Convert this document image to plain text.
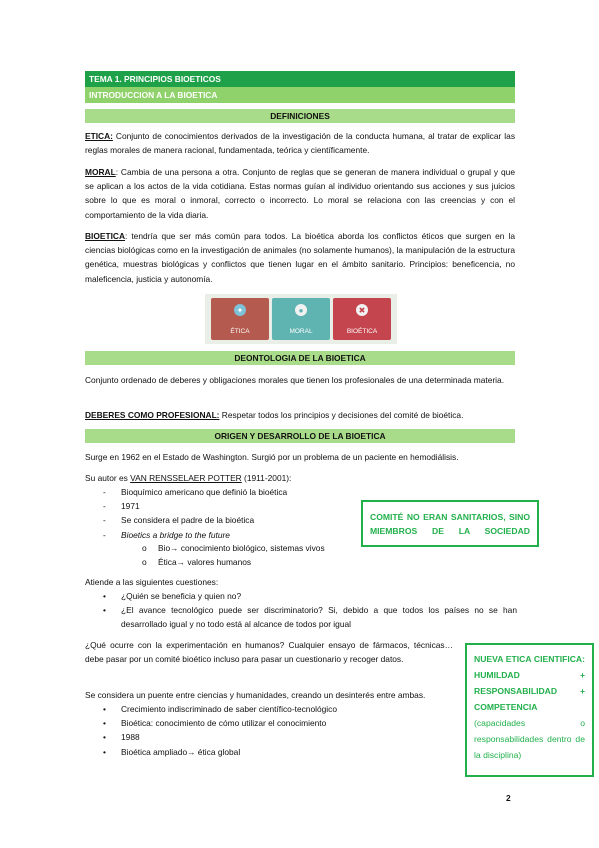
TEMA 1. PRINCIPIOS BIOETICOS
INTRODUCCION A LA BIOETICA
DEFINICIONES

ETICA: Conjunto de conocimientos derivados de la investigación de la conducta humana, al tratar de explicar las reglas morales de manera racional, fundamentada, teórica y científicamente.

MORAL: Cambia de una persona a otra. Conjunto de reglas que se generan de manera individual o grupal y que se aplican a los actos de la vida cotidiana. Estas normas guían al individuo orientando sus acciones y sus juicios sobre lo que es moral o inmoral, correcto o incorrecto. Lo moral se relaciona con las creencias y con el comportamiento de la vida diaria.

BIOETICA: tendría que ser más común para todos. La bioética aborda los conflictos éticos que surgen en la ciencias biológicas como en la investigación de animales (no solamente humanos), la manipulación de la estructura genética, muestras biológicas y conflictos que tienen lugar en el ámbito sanitario. Principios: beneficencia, no maleficencia, justicia y autonomía.

✦
ÉTICA
●
MORAL
✖
BIOÉTICA
DEONTOLOGIA DE LA BIOETICA

Conjunto ordenado de deberes y obligaciones morales que tienen los profesionales de una determinada materia.

DEBERES COMO PROFESIONAL: Respetar todos los principios y decisiones del comité de bioética.

ORIGEN Y DESARROLLO DE LA BIOETICA

Surge en 1962 en el Estado de Washington. Surgió por un problema de un paciente en hemodiálisis.

Su autor es VAN RENSSELAER POTTER (1911-2001):

- Bioquímico americano que definió la bioética
- 1971
- Se considera el padre de la bioética
- Bioetics a bridge to the future
o Bio→ conocimiento biológico, sistemas vivos
o Ética→ valores humanos
COMITÉ NO ERAN SANITARIOS, SINO MIEMBROS DE LA SOCIEDAD

Atiende a las siguientes cuestiones:

• ¿Quién se beneficia y quien no?
• ¿El avance tecnológico puede ser discriminatorio? Si, debido a que todos los países no se han desarrollado igual y no todo está al alcance de todos por igual

¿Qué ocurre con la experimentación en humanos? Cualquier ensayo de fármacos, técnicas… debe pasar por un comité bioético incluso para pasar un cuestionario y recoger datos.

Se considera un puente entre ciencias y humanidades, creando un desinterés entre ambas.

• Crecimiento indiscriminado de saber científico-tecnológico
• Bioética: conocimiento de cómo utilizar el conocimiento
• 1988
• Bioética ampliado→ ética global
NUEVA ETICA CIENTIFICA: HUMILDAD + RESPONSABILIDAD + COMPETENCIA
(capacidades o responsabilidades dentro de la disciplina)
2
